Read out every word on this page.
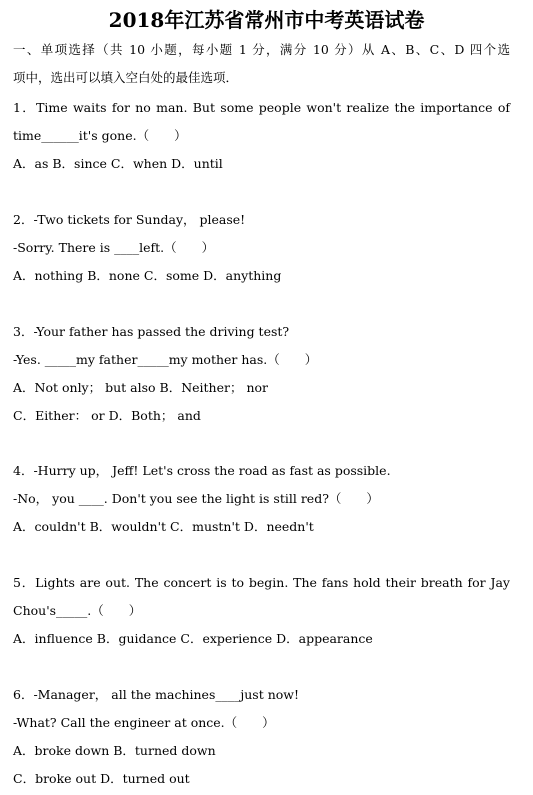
2018年江苏省常州市中考英语试卷
一、单项选择（共 10 小题，每小题 1 分，满分 10 分）从 A、B、C、D 四个选
项中，选出可以填入空白处的最佳选项．
1．Time waits for no man. But some people won't realize the importance of
time______it's gone.（　　）
A．as B．since C．when D．until
2．-Two tickets for Sunday， please!
-Sorry. There is ____left.（　　）
A．nothing B．none C．some D．anything
3．-Your father has passed the driving test?
-Yes. _____my father_____my mother has.（　　）
A．Not only； but also B．Neither； nor
C．Either： or D．Both； and
4．-Hurry up， Jeff! Let's cross the road as fast as possible.
-No， you ____. Don't you see the light is still red?（　　）
A．couldn't B．wouldn't C．mustn't D．needn't
5．Lights are out. The concert is to begin. The fans hold their breath for Jay
Chou's_____.（　　）
A．influence B．guidance C．experience D．appearance
6．-Manager， all the machines____just now!
-What? Call the engineer at once.（　　）
A．broke down B．turned down
C．broke out D．turned out
